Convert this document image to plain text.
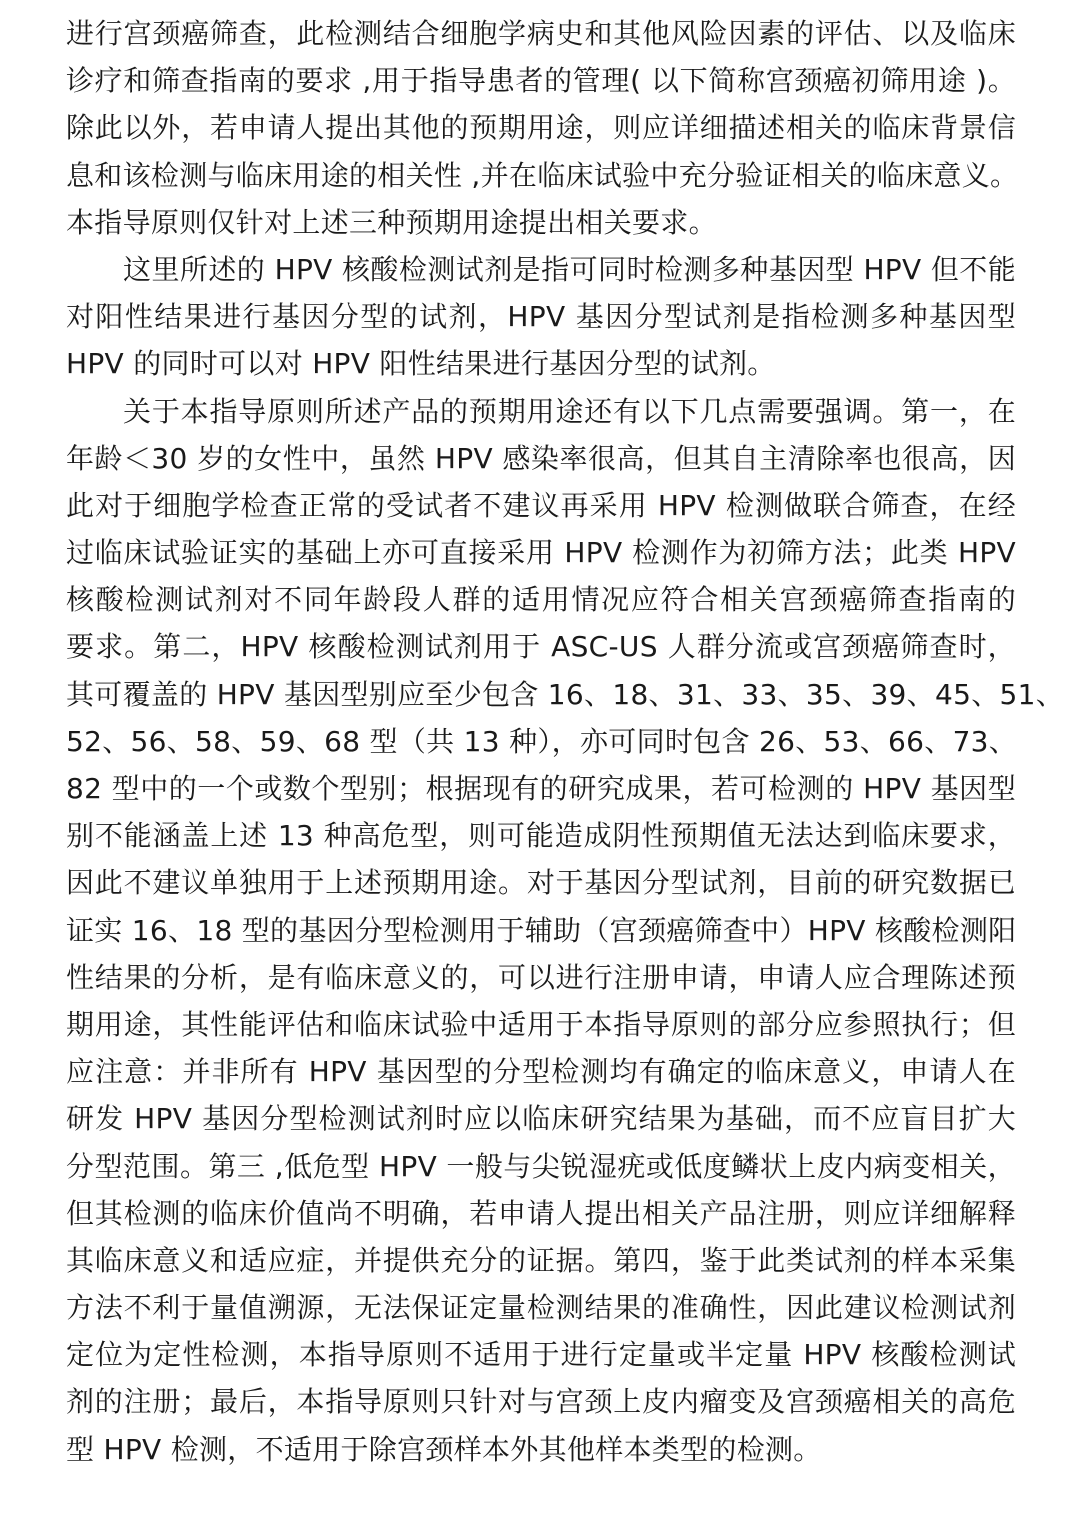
进行宫颈癌筛查，此检测结合细胞学病史和其他风险因素的评估、以及临床
诊疗和筛查指南的要求 ,用于指导患者的管理( 以下简称宫颈癌初筛用途 )。
除此以外，若申请人提出其他的预期用途，则应详细描述相关的临床背景信
息和该检测与临床用途的相关性 ,并在临床试验中充分验证相关的临床意义。
本指导原则仅针对上述三种预期用途提出相关要求。
这里所述的 HPV 核酸检测试剂是指可同时检测多种基因型 HPV 但不能
对阳性结果进行基因分型的试剂，HPV 基因分型试剂是指检测多种基因型
HPV 的同时可以对 HPV 阳性结果进行基因分型的试剂。
关于本指导原则所述产品的预期用途还有以下几点需要强调。第一，在
年龄＜30 岁的女性中，虽然 HPV 感染率很高，但其自主清除率也很高，因
此对于细胞学检查正常的受试者不建议再采用 HPV 检测做联合筛查，在经
过临床试验证实的基础上亦可直接采用 HPV 检测作为初筛方法；此类 HPV
核酸检测试剂对不同年龄段人群的适用情况应符合相关宫颈癌筛查指南的
要求。第二，HPV 核酸检测试剂用于 ASC-US 人群分流或宫颈癌筛查时，
其可覆盖的 HPV 基因型别应至少包含 16、18、31、33、35、39、45、51、
52、56、58、59、68 型（共 13 种），亦可同时包含 26、53、66、73、
82 型中的一个或数个型别；根据现有的研究成果，若可检测的 HPV 基因型
别不能涵盖上述 13 种高危型，则可能造成阴性预期值无法达到临床要求，
因此不建议单独用于上述预期用途。对于基因分型试剂，目前的研究数据已
证实 16、18 型的基因分型检测用于辅助（宫颈癌筛查中）HPV 核酸检测阳
性结果的分析，是有临床意义的，可以进行注册申请，申请人应合理陈述预
期用途，其性能评估和临床试验中适用于本指导原则的部分应参照执行；但
应注意：并非所有 HPV 基因型的分型检测均有确定的临床意义，申请人在
研发 HPV 基因分型检测试剂时应以临床研究结果为基础，而不应盲目扩大
分型范围。第三 ,低危型 HPV 一般与尖锐湿疣或低度鳞状上皮内病变相关，
但其检测的临床价值尚不明确，若申请人提出相关产品注册，则应详细解释
其临床意义和适应症，并提供充分的证据。第四，鉴于此类试剂的样本采集
方法不利于量值溯源，无法保证定量检测结果的准确性，因此建议检测试剂
定位为定性检测，本指导原则不适用于进行定量或半定量 HPV 核酸检测试
剂的注册；最后，本指导原则只针对与宫颈上皮内瘤变及宫颈癌相关的高危
型 HPV 检测，不适用于除宫颈样本外其他样本类型的检测。
